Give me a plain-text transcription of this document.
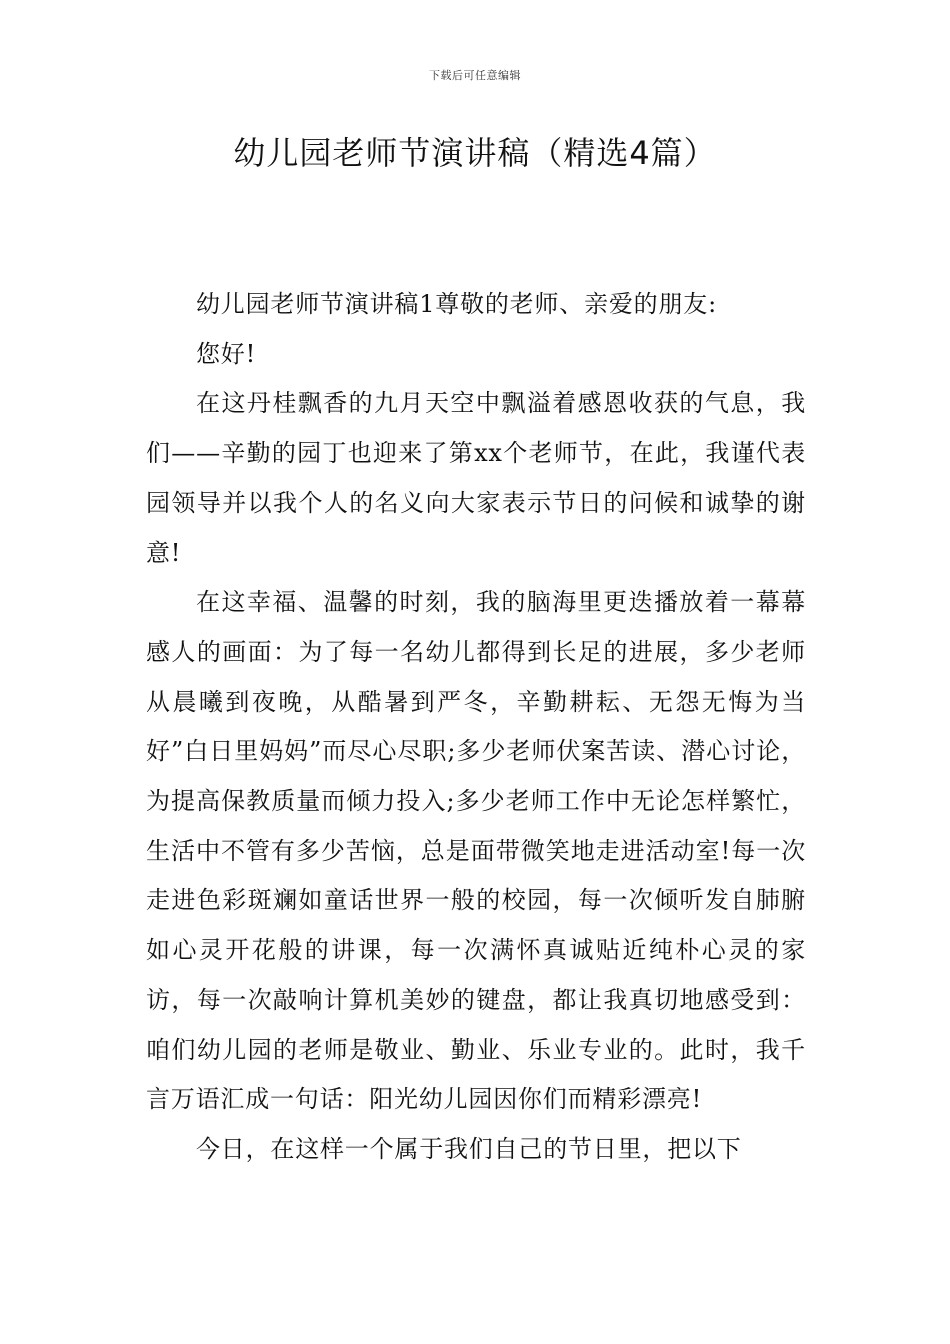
下载后可任意编辑
幼儿园老师节演讲稿（精选4篇）

幼儿园老师节演讲稿1尊敬的老师、亲爱的朋友:

您好!

在这丹桂飘香的九月天空中飘溢着感恩收获的气息，我们——辛勤的园丁也迎来了第xx个老师节，在此，我谨代表园领导并以我个人的名义向大家表示节日的问候和诚挚的谢意!

在这幸福、温馨的时刻，我的脑海里更迭播放着一幕幕感人的画面：为了每一名幼儿都得到长足的进展，多少老师从晨曦到夜晚，从酷暑到严冬，辛勤耕耘、无怨无悔为当好”白日里妈妈”而尽心尽职;多少老师伏案苦读、潜心讨论，为提高保教质量而倾力投入;多少老师工作中无论怎样繁忙，生活中不管有多少苦恼，总是面带微笑地走进活动室!每一次走进色彩斑斓如童话世界一般的校园，每一次倾听发自肺腑如心灵开花般的讲课，每一次满怀真诚贴近纯朴心灵的家访，每一次敲响计算机美妙的键盘，都让我真切地感受到：咱们幼儿园的老师是敬业、勤业、乐业专业的。此时，我千言万语汇成一句话：阳光幼儿园因你们而精彩漂亮!

今日，在这样一个属于我们自己的节日里，把以下
